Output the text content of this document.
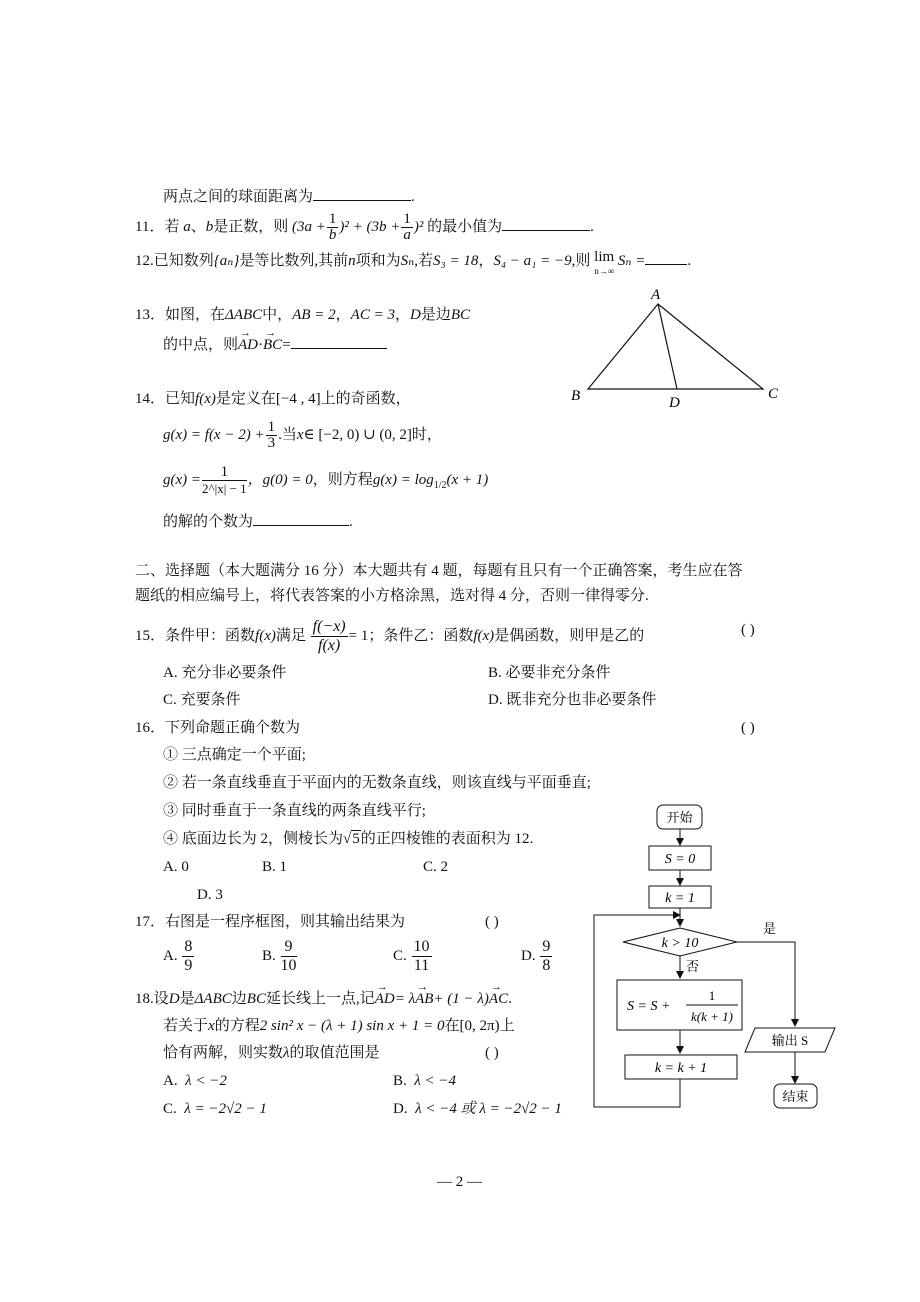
两点之间的球面距离为	.
11．若 a、b是正数，则 $(3a + \frac{1}{b} )^2 + (3b + \frac{1}{a} )^2$ 的最小值为	.
12.已知数列{aₙ}是等比数列,其前n项和为Sₙ,若S₃ = 18，S₄ − a₁ = −9,则 lim
n→∞
Sₙ =	.
13．如图，在ΔABC中，AB = 2，AC = 3，D是边BC
的中点，则→ AD·→ BC=
A
B	C
D
14．已知f(x)是定义在[−4 , 4]上的奇函数，
$g(x) = f(x - 2) + \frac{1}{3}$ .当x∈ [−2, 0) ∪ (0, 2]时，
$g(x) = \frac{1}{2\^{}|x| - 1}$ ，g(0) = 0，则方程$g(x) = \log_{1/2}(x + 1)$
的解的个数为	.
二、选择题（本大题满分 16 分）本大题共有 4 题，每题有且只有一个正确答案，考生应在答
题纸的相应编号上，将代表答案的小方格涂黑，选对得 4 分，否则一律得零分.
15．条件甲：函数f(x)满足 $\frac{f(-x)}{f(x)} = 1$；条件乙：函数f(x)是偶函数，则甲是乙的	( )
A. 充分非必要条件	B. 必要非充分条件
C. 充要条件	D. 既非充分也非必要条件
16．下列命题正确个数为	( )
① 三点确定一个平面;
② 若一条直线垂直于平面内的无数条直线，则该直线与平面垂直;
③ 同时垂直于一条直线的两条直线平行;
④ 底面边长为 2，侧棱长为√5的正四棱锥的表面积为 12.
A. 0	B. 1	C. 2
D. 3
17．右图是一程序框图，则其输出结果为	( )
A. $\frac{8}{9}$	B. $\frac{9}{10}$	C. $\frac{10}{11}$	D. $\frac{9}{8}$
18.设D是ΔABC边BC延长线上一点,记→ AD= λ→ AB+ (1 − λ)→ AC.
若关于x的方程2 sin² x − (λ + 1) sin x + 1 = 0在[0, 2π)上
恰有两解，则实数λ的取值范围是	( )
A. λ < −2	B. λ < −4
C. λ = −2√2 − 1	D. λ < −4 或 λ = −2√2 − 1
开始
S = 0
k = 1
k > 10
是
否
S = S +
1
k(k + 1)
k = k + 1
输出 S
结束
— 2 —
